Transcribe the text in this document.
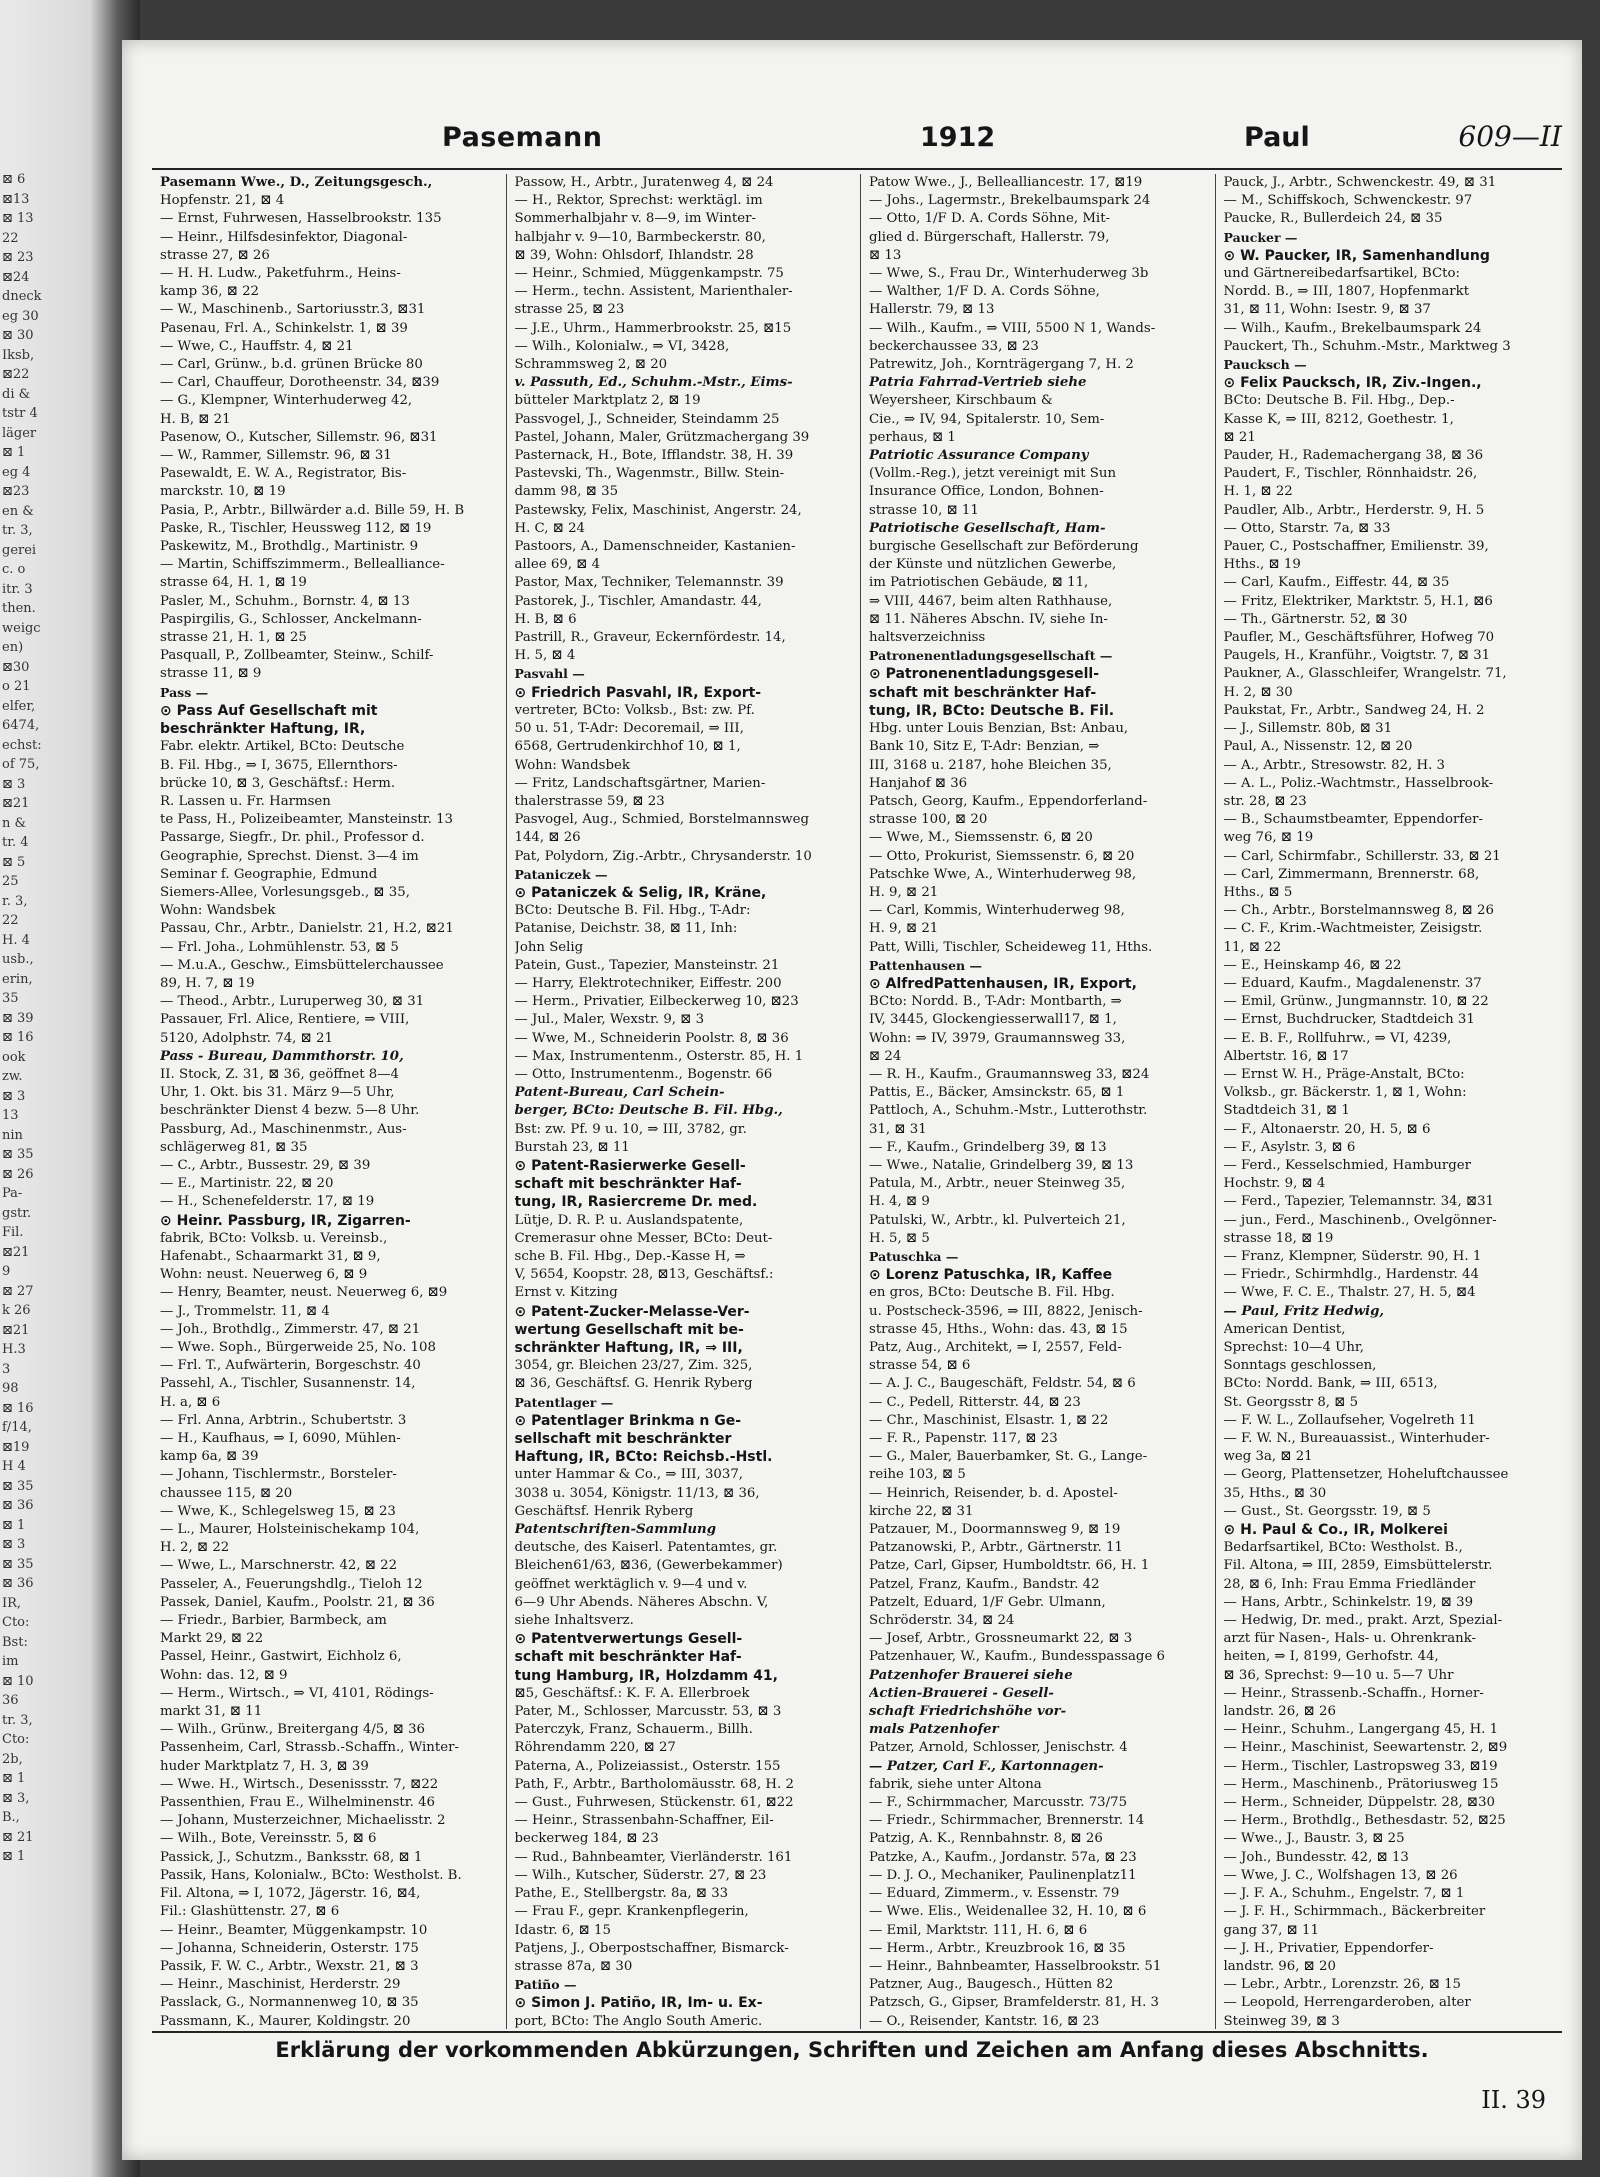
⊠ 6
⊠13
⊠ 13
22
⊠ 23
⊠24
dneck
eg 30
⊠ 30
Iksb,
⊠22
di &
tstr 4
läger
⊠ 1
eg 4
⊠23
en &
tr. 3,
gerei
c. o
itr. 3
then.
weigc
en)
⊠30
o 21
elfer,
6474,
echst:
of 75,
⊠ 3
⊠21
n &
tr. 4
⊠ 5
25
r. 3,
22
H. 4
usb.,
erin,
35
⊠ 39
⊠ 16
ook
zw.
⊠ 3
13
nin
⊠ 35
⊠ 26
Pa-
gstr.
Fil.
⊠21
9
⊠ 27
k 26
⊠21
H.3
3
98
⊠ 16
f/14,
⊠19
H 4
⊠ 35
⊠ 36
⊠ 1
⊠ 3
⊠ 35
⊠ 36
IR,
Cto:
Bst:
im
⊠ 10
36
tr. 3,
Cto:
2b,
⊠ 1
⊠ 3,
B.,
⊠ 21
⊠ 1
Pasemann	1912	Paul	609—II

Pasemann Wwe., D., Zeitungsgesch.,

Hopfenstr. 21, ⊠ 4

— Ernst, Fuhrwesen, Hasselbrookstr. 135

— Heinr., Hilfsdesinfektor, Diagonal-

strasse 27, ⊠ 26

— H. H. Ludw., Paketfuhrm., Heins-

kamp 36, ⊠ 22

— W., Maschinenb., Sartoriusstr.3, ⊠31

Pasenau, Frl. A., Schinkelstr. 1, ⊠ 39

— Wwe, C., Hauffstr. 4, ⊠ 21

— Carl, Grünw., b.d. grünen Brücke 80

— Carl, Chauffeur, Dorotheenstr. 34, ⊠39

— G., Klempner, Winterhuderweg 42,

H. B, ⊠ 21

Pasenow, O., Kutscher, Sillemstr. 96, ⊠31

— W., Rammer, Sillemstr. 96, ⊠ 31

Pasewaldt, E. W. A., Registrator, Bis-

marckstr. 10, ⊠ 19

Pasia, P., Arbtr., Billwärder a.d. Bille 59, H. B

Paske, R., Tischler, Heussweg 112, ⊠ 19

Paskewitz, M., Brothdlg., Martinistr. 9

— Martin, Schiffszimmerm., Bellealliance-

strasse 64, H. 1, ⊠ 19

Pasler, M., Schuhm., Bornstr. 4, ⊠ 13

Paspirgilis, G., Schlosser, Anckelmann-

strasse 21, H. 1, ⊠ 25

Pasquall, P., Zollbeamter, Steinw., Schilf-

strasse 11, ⊠ 9

Pass —

⊙ Pass Auf Gesellschaft mit

beschränkter Haftung, IR,

Fabr. elektr. Artikel, BCto: Deutsche

B. Fil. Hbg., ⇒ I, 3675, Ellernthors-

brücke 10, ⊠ 3, Geschäftsf.: Herm.

R. Lassen u. Fr. Harmsen

te Pass, H., Polizeibeamter, Mansteinstr. 13

Passarge, Siegfr., Dr. phil., Professor d.

Geographie, Sprechst. Dienst. 3—4 im

Seminar f. Geographie, Edmund

Siemers-Allee, Vorlesungsgeb., ⊠ 35,

Wohn: Wandsbek

Passau, Chr., Arbtr., Danielstr. 21, H.2, ⊠21

— Frl. Joha., Lohmühlenstr. 53, ⊠ 5

— M.u.A., Geschw., Eimsbüttelerchaussee

89, H. 7, ⊠ 19

— Theod., Arbtr., Luruperweg 30, ⊠ 31

Passauer, Frl. Alice, Rentiere, ⇒ VIII,

5120, Adolphstr. 74, ⊠ 21

Pass - Bureau, Dammthorstr. 10,

II. Stock, Z. 31, ⊠ 36, geöffnet 8—4

Uhr, 1. Okt. bis 31. März 9—5 Uhr,

beschränkter Dienst 4 bezw. 5—8 Uhr.

Passburg, Ad., Maschinenmstr., Aus-

schlägerweg 81, ⊠ 35

— C., Arbtr., Bussestr. 29, ⊠ 39

— E., Martinistr. 22, ⊠ 20

— H., Schenefelderstr. 17, ⊠ 19

⊙ Heinr. Passburg, IR, Zigarren-

fabrik, BCto: Volksb. u. Vereinsb.,

Hafenabt., Schaarmarkt 31, ⊠ 9,

Wohn: neust. Neuerweg 6, ⊠ 9

— Henry, Beamter, neust. Neuerweg 6, ⊠9

— J., Trommelstr. 11, ⊠ 4

— Joh., Brothdlg., Zimmerstr. 47, ⊠ 21

— Wwe. Soph., Bürgerweide 25, No. 108

— Frl. T., Aufwärterin, Borgeschstr. 40

Passehl, A., Tischler, Susannenstr. 14,

H. a, ⊠ 6

— Frl. Anna, Arbtrin., Schubertstr. 3

— H., Kaufhaus, ⇒ I, 6090, Mühlen-

kamp 6a, ⊠ 39

— Johann, Tischlermstr., Borsteler-

chaussee 115, ⊠ 20

— Wwe, K., Schlegelsweg 15, ⊠ 23

— L., Maurer, Holsteinischekamp 104,

H. 2, ⊠ 22

— Wwe, L., Marschnerstr. 42, ⊠ 22

Passeler, A., Feuerungshdlg., Tieloh 12

Passek, Daniel, Kaufm., Poolstr. 21, ⊠ 36

— Friedr., Barbier, Barmbeck, am

Markt 29, ⊠ 22

Passel, Heinr., Gastwirt, Eichholz 6,

Wohn: das. 12, ⊠ 9

— Herm., Wirtsch., ⇒ VI, 4101, Rödings-

markt 31, ⊠ 11

— Wilh., Grünw., Breitergang 4/5, ⊠ 36

Passenheim, Carl, Strassb.-Schaffn., Winter-

huder Marktplatz 7, H. 3, ⊠ 39

— Wwe. H., Wirtsch., Desenissstr. 7, ⊠22

Passenthien, Frau E., Wilhelminenstr. 46

— Johann, Musterzeichner, Michaelisstr. 2

— Wilh., Bote, Vereinsstr. 5, ⊠ 6

Passick, J., Schutzm., Banksstr. 68, ⊠ 1

Passik, Hans, Kolonialw., BCto: Westholst. B.

Fil. Altona, ⇒ I, 1072, Jägerstr. 16, ⊠4,

Fil.: Glashüttenstr. 27, ⊠ 6

— Heinr., Beamter, Müggenkampstr. 10

— Johanna, Schneiderin, Osterstr. 175

Passik, F. W. C., Arbtr., Wexstr. 21, ⊠ 3

— Heinr., Maschinist, Herderstr. 29

Passlack, G., Normannenweg 10, ⊠ 35

Passmann, K., Maurer, Koldingstr. 20

Passow, H., Arbtr., Juratenweg 4, ⊠ 24

— H., Rektor, Sprechst: werktägl. im

Sommerhalbjahr v. 8—9, im Winter-

halbjahr v. 9—10, Barmbeckerstr. 80,

⊠ 39, Wohn: Ohlsdorf, Ihlandstr. 28

— Heinr., Schmied, Müggenkampstr. 75

— Herm., techn. Assistent, Marienthaler-

strasse 25, ⊠ 23

— J.E., Uhrm., Hammerbrookstr. 25, ⊠15

— Wilh., Kolonialw., ⇒ VI, 3428,

Schrammsweg 2, ⊠ 20

v. Passuth, Ed., Schuhm.-Mstr., Eims-

bütteler Marktplatz 2, ⊠ 19

Passvogel, J., Schneider, Steindamm 25

Pastel, Johann, Maler, Grützmachergang 39

Pasternack, H., Bote, Ifflandstr. 38, H. 39

Pastevski, Th., Wagenmstr., Billw. Stein-

damm 98, ⊠ 35

Pastewsky, Felix, Maschinist, Angerstr. 24,

H. C, ⊠ 24

Pastoors, A., Damenschneider, Kastanien-

allee 69, ⊠ 4

Pastor, Max, Techniker, Telemannstr. 39

Pastorek, J., Tischler, Amandastr. 44,

H. B, ⊠ 6

Pastrill, R., Graveur, Eckernfördestr. 14,

H. 5, ⊠ 4

Pasvahl —

⊙ Friedrich Pasvahl, IR, Export-

vertreter, BCto: Volksb., Bst: zw. Pf.

50 u. 51, T-Adr: Decoremail, ⇒ III,

6568, Gertrudenkirchhof 10, ⊠ 1,

Wohn: Wandsbek

— Fritz, Landschaftsgärtner, Marien-

thalerstrasse 59, ⊠ 23

Pasvogel, Aug., Schmied, Borstelmannsweg

144, ⊠ 26

Pat, Polydorn, Zig.-Arbtr., Chrysanderstr. 10

Pataniczek —

⊙ Pataniczek & Selig, IR, Kräne,

BCto: Deutsche B. Fil. Hbg., T-Adr:

Patanise, Deichstr. 38, ⊠ 11, Inh:

John Selig

Patein, Gust., Tapezier, Mansteinstr. 21

— Harry, Elektrotechniker, Eiffestr. 200

— Herm., Privatier, Eilbeckerweg 10, ⊠23

— Jul., Maler, Wexstr. 9, ⊠ 3

— Wwe, M., Schneiderin Poolstr. 8, ⊠ 36

— Max, Instrumentenm., Osterstr. 85, H. 1

— Otto, Instrumentenm., Bogenstr. 66

Patent-Bureau, Carl Schein-

berger, BCto: Deutsche B. Fil. Hbg.,

Bst: zw. Pf. 9 u. 10, ⇒ III, 3782, gr.

Burstah 23, ⊠ 11

⊙ Patent-Rasierwerke Gesell-

schaft mit beschränkter Haf-

tung, IR, Rasiercreme Dr. med.

Lütje, D. R. P. u. Auslandspatente,

Cremerasur ohne Messer, BCto: Deut-

sche B. Fil. Hbg., Dep.-Kasse H, ⇒

V, 5654, Koopstr. 28, ⊠13, Geschäftsf.:

Ernst v. Kitzing

⊙ Patent-Zucker-Melasse-Ver-

wertung Gesellschaft mit be-

schränkter Haftung, IR, ⇒ III,

3054, gr. Bleichen 23/27, Zim. 325,

⊠ 36, Geschäftsf. G. Henrik Ryberg

Patentlager —

⊙ Patentlager Brinkma n Ge-

sellschaft mit beschränkter

Haftung, IR, BCto: Reichsb.-Hstl.

unter Hammar & Co., ⇒ III, 3037,

3038 u. 3054, Königstr. 11/13, ⊠ 36,

Geschäftsf. Henrik Ryberg

Patentschriften-Sammlung

deutsche, des Kaiserl. Patentamtes, gr.

Bleichen61/63, ⊠36, (Gewerbekammer)

geöffnet werktäglich v. 9—4 und v.

6—9 Uhr Abends. Näheres Abschn. V,

siehe Inhaltsverz.

⊙ Patentverwertungs Gesell-

schaft mit beschränkter Haf-

tung Hamburg, IR, Holzdamm 41,

⊠5, Geschäftsf.: K. F. A. Ellerbroek

Pater, M., Schlosser, Marcusstr. 53, ⊠ 3

Paterczyk, Franz, Schauerm., Billh.

Röhrendamm 220, ⊠ 27

Paterna, A., Polizeiassist., Osterstr. 155

Path, F., Arbtr., Bartholomäusstr. 68, H. 2

— Gust., Fuhrwesen, Stückenstr. 61, ⊠22

— Heinr., Strassenbahn-Schaffner, Eil-

beckerweg 184, ⊠ 23

— Rud., Bahnbeamter, Vierländerstr. 161

— Wilh., Kutscher, Süderstr. 27, ⊠ 23

Pathe, E., Stellbergstr. 8a, ⊠ 33

— Frau F., gepr. Krankenpflegerin,

Idastr. 6, ⊠ 15

Patjens, J., Oberpostschaffner, Bismarck-

strasse 87a, ⊠ 30

Patiño —

⊙ Simon J. Patiño, IR, Im- u. Ex-

port, BCto: The Anglo South Americ.

Patow Wwe., J., Bellealliancestr. 17, ⊠19

— Johs., Lagermstr., Brekelbaumspark 24

— Otto, 1/F D. A. Cords Söhne, Mit-

glied d. Bürgerschaft, Hallerstr. 79,

⊠ 13

— Wwe, S., Frau Dr., Winterhuderweg 3b

— Walther, 1/F D. A. Cords Söhne,

Hallerstr. 79, ⊠ 13

— Wilh., Kaufm., ⇒ VIII, 5500 N 1, Wands-

beckerchaussee 33, ⊠ 23

Patrewitz, Joh., Kornträgergang 7, H. 2

Patria Fahrrad-Vertrieb siehe

Weyersheer, Kirschbaum &

Cie., ⇒ IV, 94, Spitalerstr. 10, Sem-

perhaus, ⊠ 1

Patriotic Assurance Company

(Vollm.-Reg.), jetzt vereinigt mit Sun

Insurance Office, London, Bohnen-

strasse 10, ⊠ 11

Patriotische Gesellschaft, Ham-

burgische Gesellschaft zur Beförderung

der Künste und nützlichen Gewerbe,

im Patriotischen Gebäude, ⊠ 11,

⇒ VIII, 4467, beim alten Rathhause,

⊠ 11. Näheres Abschn. IV, siehe In-

haltsverzeichniss

Patronenentladungsgesellschaft —

⊙ Patronenentladungsgesell-

schaft mit beschränkter Haf-

tung, IR, BCto: Deutsche B. Fil.

Hbg. unter Louis Benzian, Bst: Anbau,

Bank 10, Sitz E, T-Adr: Benzian, ⇒

III, 3168 u. 2187, hohe Bleichen 35,

Hanjahof ⊠ 36

Patsch, Georg, Kaufm., Eppendorferland-

strasse 100, ⊠ 20

— Wwe, M., Siemssenstr. 6, ⊠ 20

— Otto, Prokurist, Siemssenstr. 6, ⊠ 20

Patschke Wwe, A., Winterhuderweg 98,

H. 9, ⊠ 21

— Carl, Kommis, Winterhuderweg 98,

H. 9, ⊠ 21

Patt, Willi, Tischler, Scheideweg 11, Hths.

Pattenhausen —

⊙ AlfredPattenhausen, IR, Export,

BCto: Nordd. B., T-Adr: Montbarth, ⇒

IV, 3445, Glockengiesserwall17, ⊠ 1,

Wohn: ⇒ IV, 3979, Graumannsweg 33,

⊠ 24

— R. H., Kaufm., Graumannsweg 33, ⊠24

Pattis, E., Bäcker, Amsinckstr. 65, ⊠ 1

Pattloch, A., Schuhm.-Mstr., Lutterothstr.

31, ⊠ 31

— F., Kaufm., Grindelberg 39, ⊠ 13

— Wwe., Natalie, Grindelberg 39, ⊠ 13

Patula, M., Arbtr., neuer Steinweg 35,

H. 4, ⊠ 9

Patulski, W., Arbtr., kl. Pulverteich 21,

H. 5, ⊠ 5

Patuschka —

⊙ Lorenz Patuschka, IR, Kaffee

en gros, BCto: Deutsche B. Fil. Hbg.

u. Postscheck-3596, ⇒ III, 8822, Jenisch-

strasse 45, Hths., Wohn: das. 43, ⊠ 15

Patz, Aug., Architekt, ⇒ I, 2557, Feld-

strasse 54, ⊠ 6

— A. J. C., Baugeschäft, Feldstr. 54, ⊠ 6

— C., Pedell, Ritterstr. 44, ⊠ 23

— Chr., Maschinist, Elsastr. 1, ⊠ 22

— F. R., Papenstr. 117, ⊠ 23

— G., Maler, Bauerbamker, St. G., Lange-

reihe 103, ⊠ 5

— Heinrich, Reisender, b. d. Apostel-

kirche 22, ⊠ 31

Patzauer, M., Doormannsweg 9, ⊠ 19

Patzanowski, P., Arbtr., Gärtnerstr. 11

Patze, Carl, Gipser, Humboldtstr. 66, H. 1

Patzel, Franz, Kaufm., Bandstr. 42

Patzelt, Eduard, 1/F Gebr. Ulmann,

Schröderstr. 34, ⊠ 24

— Josef, Arbtr., Grossneumarkt 22, ⊠ 3

Patzenhauer, W., Kaufm., Bundesspassage 6

Patzenhofer Brauerei siehe

Actien-Brauerei - Gesell-

schaft Friedrichshöhe vor-

mals Patzenhofer

Patzer, Arnold, Schlosser, Jenischstr. 4

— Patzer, Carl F., Kartonnagen-

fabrik, siehe unter Altona

— F., Schirmmacher, Marcusstr. 73/75

— Friedr., Schirmmacher, Brennerstr. 14

Patzig, A. K., Rennbahnstr. 8, ⊠ 26

Patzke, A., Kaufm., Jordanstr. 57a, ⊠ 23

— D. J. O., Mechaniker, Paulinenplatz11

— Eduard, Zimmerm., v. Essenstr. 79

— Wwe. Elis., Weidenallee 32, H. 10, ⊠ 6

— Emil, Marktstr. 111, H. 6, ⊠ 6

— Herm., Arbtr., Kreuzbrook 16, ⊠ 35

— Heinr., Bahnbeamter, Hasselbrookstr. 51

Patzner, Aug., Baugesch., Hütten 82

Patzsch, G., Gipser, Bramfelderstr. 81, H. 3

— O., Reisender, Kantstr. 16, ⊠ 23

Pauck, J., Arbtr., Schwenckestr. 49, ⊠ 31

— M., Schiffskoch, Schwenckestr. 97

Paucke, R., Bullerdeich 24, ⊠ 35

Paucker —

⊙ W. Paucker, IR, Samenhandlung

und Gärtnereibedarfsartikel, BCto:

Nordd. B., ⇒ III, 1807, Hopfenmarkt

31, ⊠ 11, Wohn: Isestr. 9, ⊠ 37

— Wilh., Kaufm., Brekelbaumspark 24

Pauckert, Th., Schuhm.-Mstr., Marktweg 3

Paucksch —

⊙ Felix Paucksch, IR, Ziv.-Ingen.,

BCto: Deutsche B. Fil. Hbg., Dep.-

Kasse K, ⇒ III, 8212, Goethestr. 1,

⊠ 21

Pauder, H., Rademachergang 38, ⊠ 36

Paudert, F., Tischler, Rönnhaidstr. 26,

H. 1, ⊠ 22

Paudler, Alb., Arbtr., Herderstr. 9, H. 5

— Otto, Starstr. 7a, ⊠ 33

Pauer, C., Postschaffner, Emilienstr. 39,

Hths., ⊠ 19

— Carl, Kaufm., Eiffestr. 44, ⊠ 35

— Fritz, Elektriker, Marktstr. 5, H.1, ⊠6

— Th., Gärtnerstr. 52, ⊠ 30

Paufler, M., Geschäftsführer, Hofweg 70

Paugels, H., Kranführ., Voigtstr. 7, ⊠ 31

Paukner, A., Glasschleifer, Wrangelstr. 71,

H. 2, ⊠ 30

Paukstat, Fr., Arbtr., Sandweg 24, H. 2

— J., Sillemstr. 80b, ⊠ 31

Paul, A., Nissenstr. 12, ⊠ 20

— A., Arbtr., Stresowstr. 82, H. 3

— A. L., Poliz.-Wachtmstr., Hasselbrook-

str. 28, ⊠ 23

— B., Schaumstbeamter, Eppendorfer-

weg 76, ⊠ 19

— Carl, Schirmfabr., Schillerstr. 33, ⊠ 21

— Carl, Zimmermann, Brennerstr. 68,

Hths., ⊠ 5

— Ch., Arbtr., Borstelmannsweg 8, ⊠ 26

— C. F., Krim.-Wachtmeister, Zeisigstr.

11, ⊠ 22

— E., Heinskamp 46, ⊠ 22

— Eduard, Kaufm., Magdalenenstr. 37

— Emil, Grünw., Jungmannstr. 10, ⊠ 22

— Ernst, Buchdrucker, Stadtdeich 31

— E. B. F., Rollfuhrw., ⇒ VI, 4239,

Albertstr. 16, ⊠ 17

— Ernst W. H., Präge-Anstalt, BCto:

Volksb., gr. Bäckerstr. 1, ⊠ 1, Wohn:

Stadtdeich 31, ⊠ 1

— F., Altonaerstr. 20, H. 5, ⊠ 6

— F., Asylstr. 3, ⊠ 6

— Ferd., Kesselschmied, Hamburger

Hochstr. 9, ⊠ 4

— Ferd., Tapezier, Telemannstr. 34, ⊠31

— jun., Ferd., Maschinenb., Ovelgönner-

strasse 18, ⊠ 19

— Franz, Klempner, Süderstr. 90, H. 1

— Friedr., Schirmhdlg., Hardenstr. 44

— Wwe, F. C. E., Thalstr. 27, H. 5, ⊠4

— Paul, Fritz Hedwig,

American Dentist,

Sprechst: 10—4 Uhr,

Sonntags geschlossen,

BCto: Nordd. Bank, ⇒ III, 6513,

St. Georgsstr 8, ⊠ 5

— F. W. L., Zollaufseher, Vogelreth 11

— F. W. N., Bureauassist., Winterhuder-

weg 3a, ⊠ 21

— Georg, Plattensetzer, Hoheluftchaussee

35, Hths., ⊠ 30

— Gust., St. Georgsstr. 19, ⊠ 5

⊙ H. Paul & Co., IR, Molkerei

Bedarfsartikel, BCto: Westholst. B.,

Fil. Altona, ⇒ III, 2859, Eimsbüttelerstr.

28, ⊠ 6, Inh: Frau Emma Friedländer

— Hans, Arbtr., Schinkelstr. 19, ⊠ 39

— Hedwig, Dr. med., prakt. Arzt, Spezial-

arzt für Nasen-, Hals- u. Ohrenkrank-

heiten, ⇒ I, 8199, Gerhofstr. 44,

⊠ 36, Sprechst: 9—10 u. 5—7 Uhr

— Heinr., Strassenb.-Schaffn., Horner-

landstr. 26, ⊠ 26

— Heinr., Schuhm., Langergang 45, H. 1

— Heinr., Maschinist, Seewartenstr. 2, ⊠9

— Herm., Tischler, Lastropsweg 33, ⊠19

— Herm., Maschinenb., Prätoriusweg 15

— Herm., Schneider, Düppelstr. 28, ⊠30

— Herm., Brothdlg., Bethesdastr. 52, ⊠25

— Wwe., J., Baustr. 3, ⊠ 25

— Joh., Bundesstr. 42, ⊠ 13

— Wwe, J. C., Wolfshagen 13, ⊠ 26

— J. F. A., Schuhm., Engelstr. 7, ⊠ 1

— J. F. H., Schirmmach., Bäckerbreiter

gang 37, ⊠ 11

— J. H., Privatier, Eppendorfer-

landstr. 96, ⊠ 20

— Lebr., Arbtr., Lorenzstr. 26, ⊠ 15

— Leopold, Herrengarderoben, alter

Steinweg 39, ⊠ 3

Erklärung der vorkommenden Abkürzungen, Schriften und Zeichen am Anfang dieses Abschnitts.
II. 39
